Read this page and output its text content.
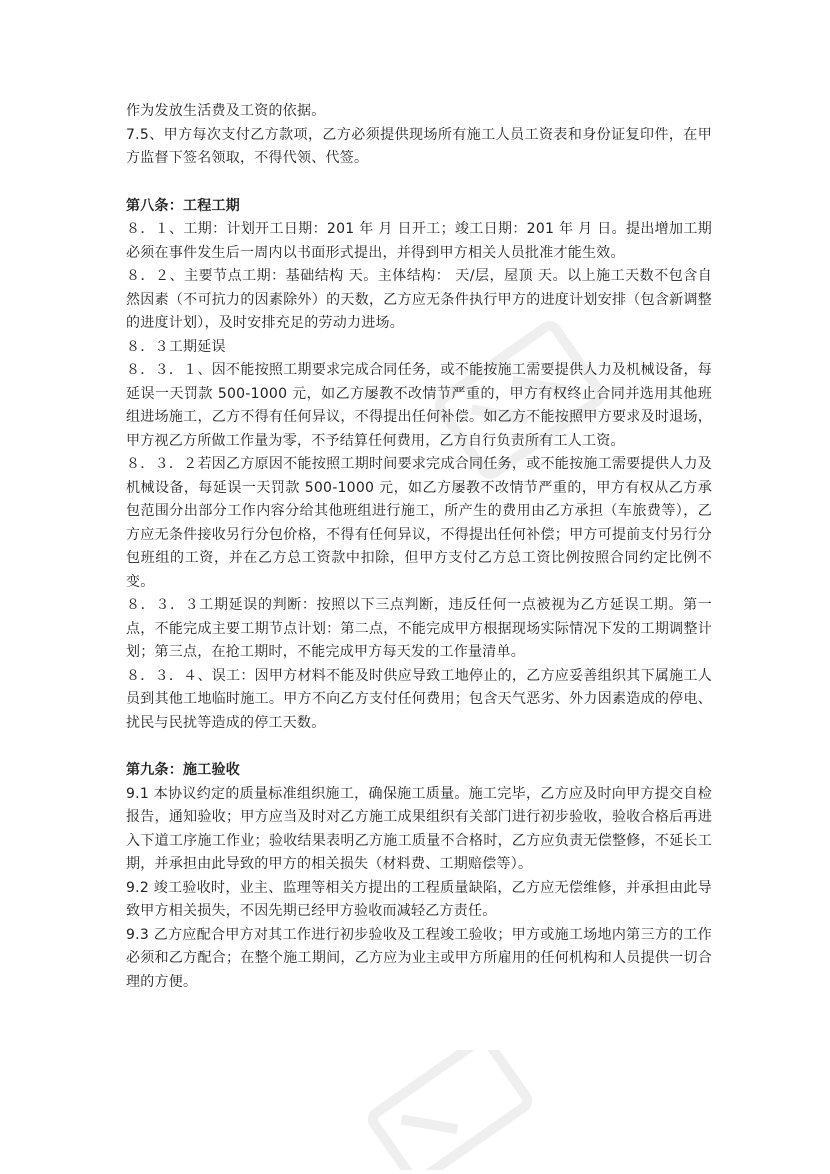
作为发放生活费及工资的依据。

7.5、甲方每次支付乙方款项，乙方必须提供现场所有施工人员工资表和身份证复印件，在甲方监督下签名领取，不得代领、代签。

第八条：工程工期

８．１、工期：计划开工日期：201 年 月 日开工；竣工日期：201 年 月 日。提出增加工期必须在事件发生后一周内以书面形式提出，并得到甲方相关人员批准才能生效。

８．２、主要节点工期：基础结构 天。主体结构： 天/层，屋顶 天。以上施工天数不包含自然因素（不可抗力的因素除外）的天数，乙方应无条件执行甲方的进度计划安排（包含新调整的进度计划），及时安排充足的劳动力进场。

８．３工期延误

８．３．１、因不能按照工期要求完成合同任务，或不能按施工需要提供人力及机械设备，每延误一天罚款 500-1000 元，如乙方屡教不改情节严重的，甲方有权终止合同并选用其他班组进场施工，乙方不得有任何异议，不得提出任何补偿。如乙方不能按照甲方要求及时退场，甲方视乙方所做工作量为零，不予结算任何费用，乙方自行负责所有工人工资。

８．３．２若因乙方原因不能按照工期时间要求完成合同任务，或不能按施工需要提供人力及机械设备，每延误一天罚款 500-1000 元，如乙方屡教不改情节严重的，甲方有权从乙方承包范围分出部分工作内容分给其他班组进行施工，所产生的费用由乙方承担（车旅费等），乙方应无条件接收另行分包价格，不得有任何异议，不得提出任何补偿；甲方可提前支付另行分包班组的工资，并在乙方总工资款中扣除，但甲方支付乙方总工资比例按照合同约定比例不变。

８．３．３工期延误的判断：按照以下三点判断，违反任何一点被视为乙方延误工期。第一点，不能完成主要工期节点计划：第二点，不能完成甲方根据现场实际情况下发的工期调整计划；第三点，在抢工期时，不能完成甲方每天发的工作量清单。

８．３．４、误工：因甲方材料不能及时供应导致工地停止的，乙方应妥善组织其下属施工人员到其他工地临时施工。甲方不向乙方支付任何费用；包含天气恶劣、外力因素造成的停电、扰民与民扰等造成的停工天数。

第九条：施工验收

9.1 本协议约定的质量标准组织施工，确保施工质量。施工完毕，乙方应及时向甲方提交自检报告，通知验收；甲方应当及时对乙方施工成果组织有关部门进行初步验收，验收合格后再进入下道工序施工作业；验收结果表明乙方施工质量不合格时，乙方应负责无偿整修，不延长工期，并承担由此导致的甲方的相关损失（材料费、工期赔偿等）。

9.2 竣工验收时，业主、监理等相关方提出的工程质量缺陷，乙方应无偿维修，并承担由此导致甲方相关损失，不因先期已经甲方验收而减轻乙方责任。

9.3 乙方应配合甲方对其工作进行初步验收及工程竣工验收；甲方或施工场地内第三方的工作必须和乙方配合；在整个施工期间，乙方应为业主或甲方所雇用的任何机构和人员提供一切合理的方便。
